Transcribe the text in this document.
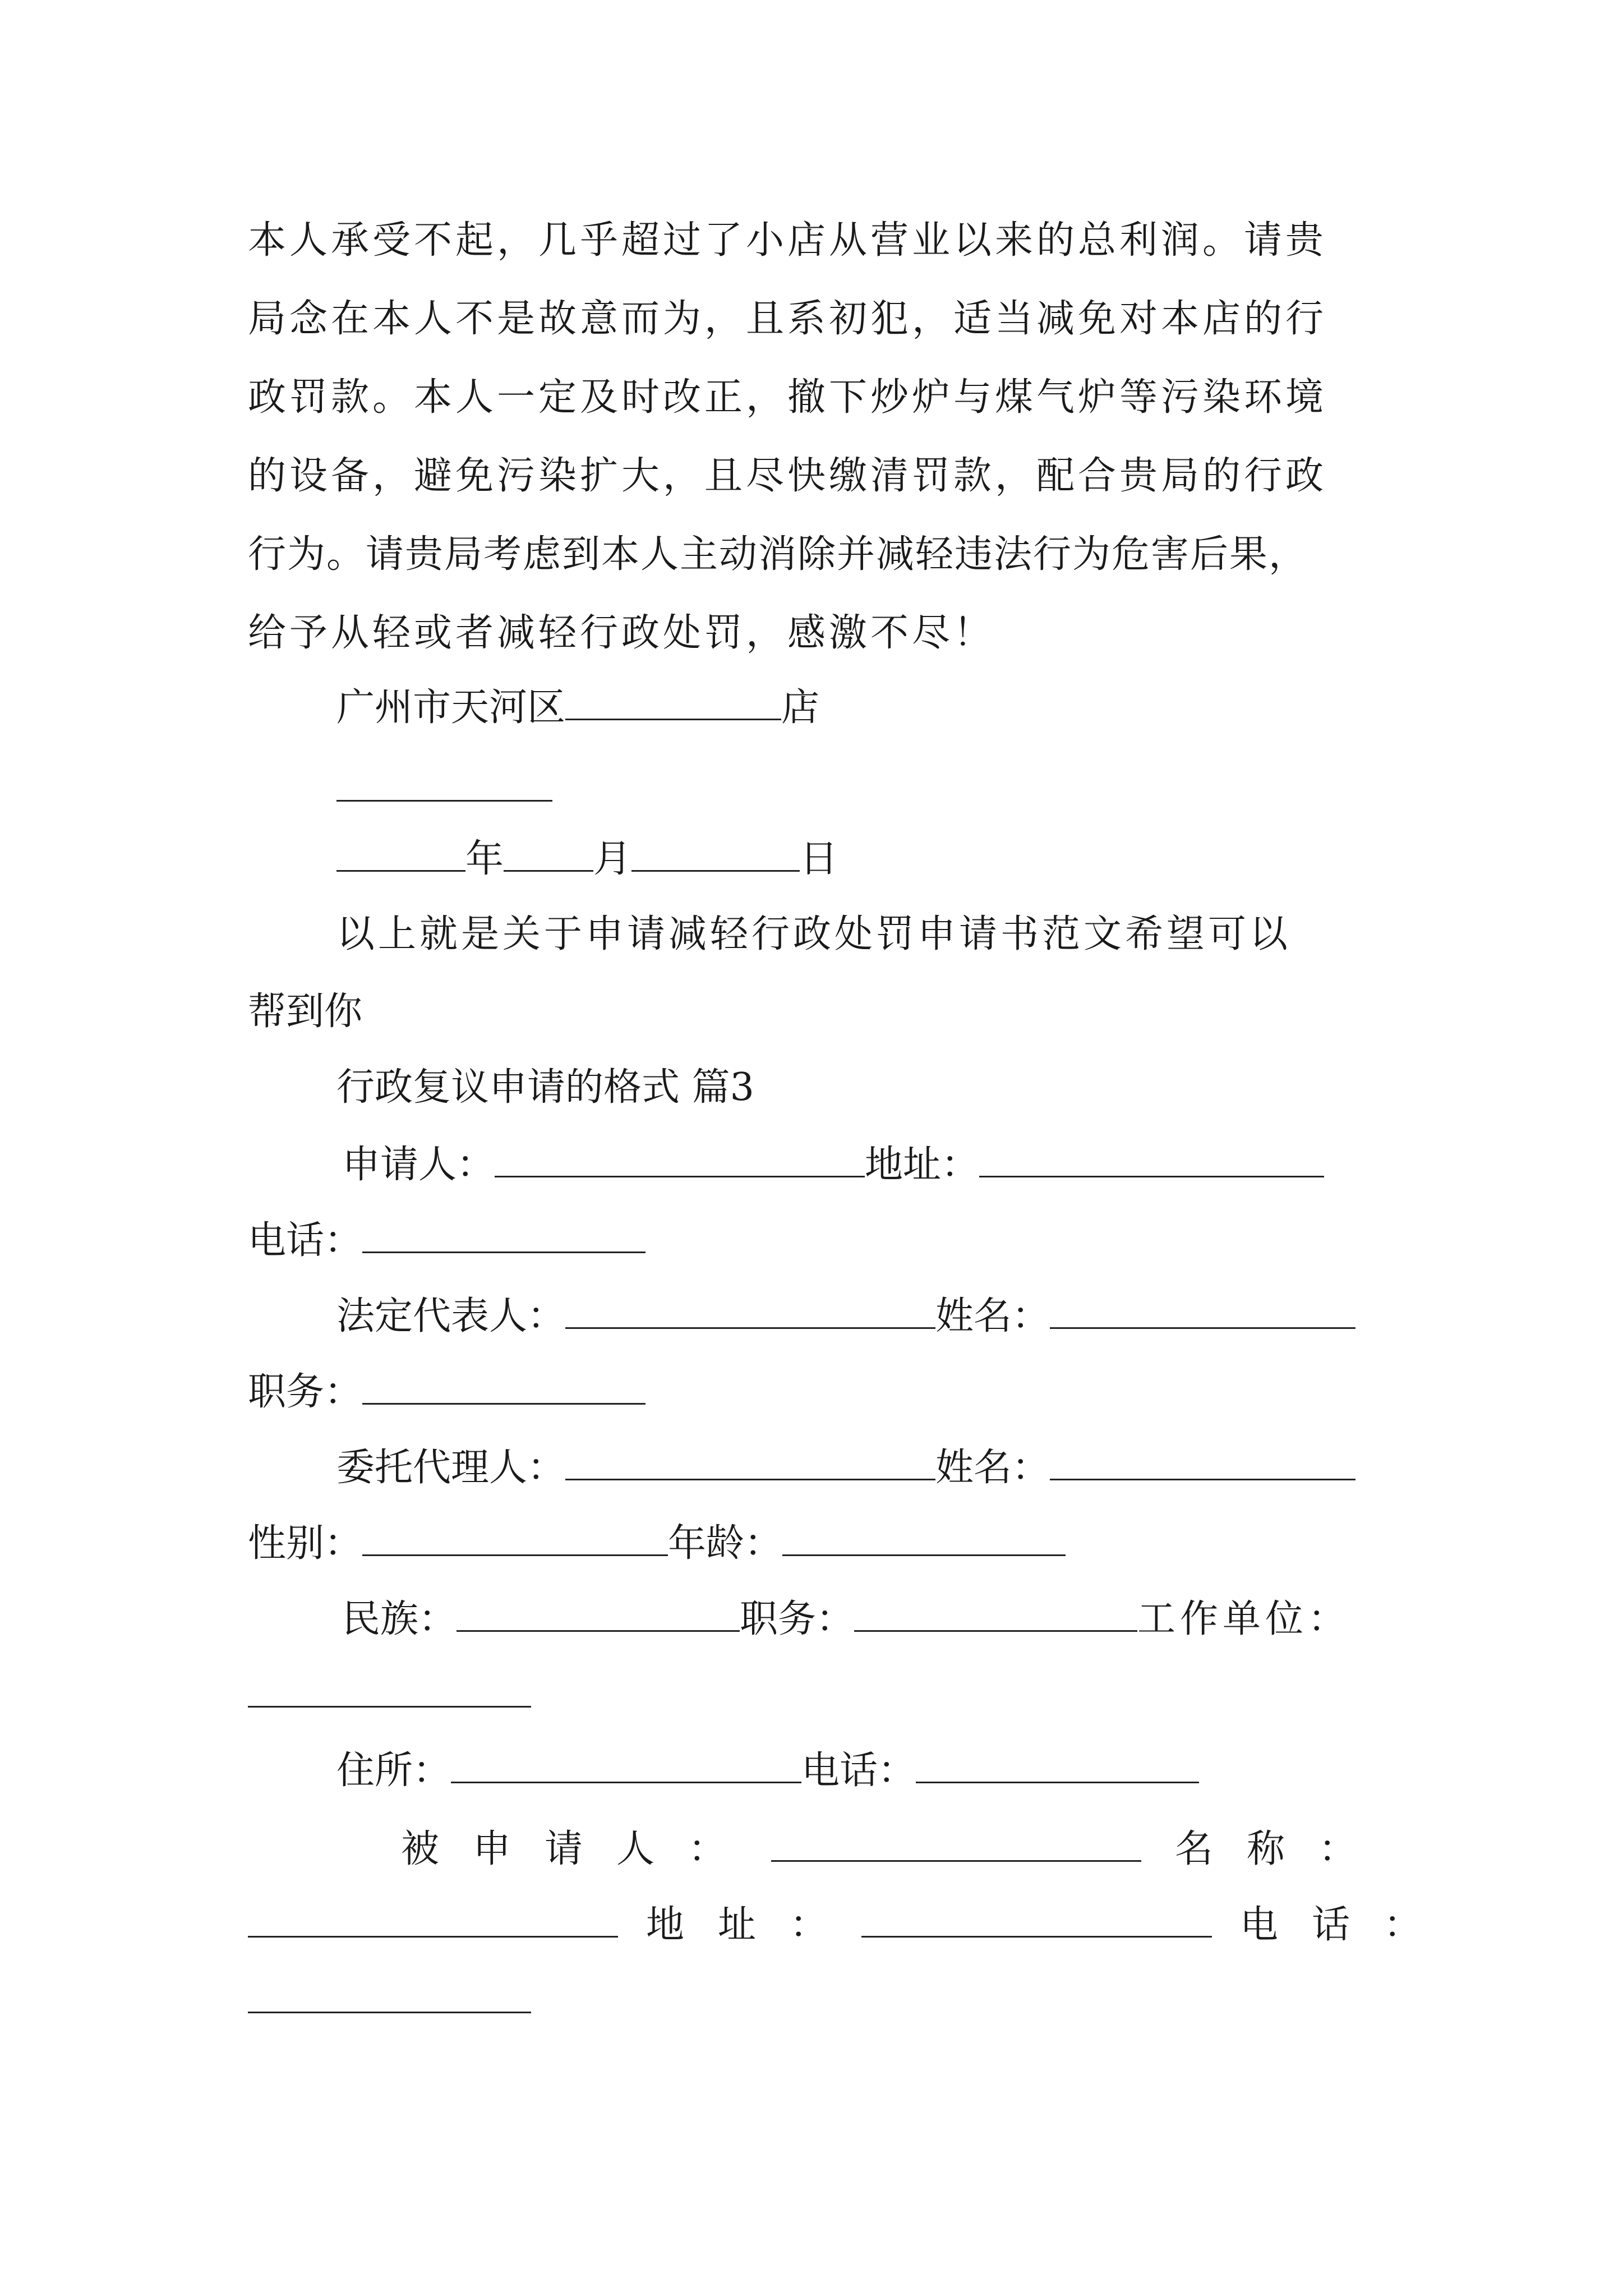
本人承受不起，几乎超过了小店从营业以来的总利润。请贵
局念在本人不是故意而为，且系初犯，适当减免对本店的行
政罚款。本人一定及时改正，撤下炒炉与煤气炉等污染环境
的设备，避免污染扩大，且尽快缴清罚款，配合贵局的行政
行为。请贵局考虑到本人主动消除并减轻违法行为危害后果，
给予从轻或者减轻行政处罚，感激不尽！
广州市天河区	店
年 月	日
以上就是关于申请减轻行政处罚申请书范文希望可以
帮到你
行政复议申请的格式 篇3
申请人：	地址：
电话：
法定代表人：	姓名：
职务：
委托代理人：	姓名：
性别：	年龄：
民族：	职务：	工作单位：
住所：	电话：
被申请人：	名称：
地址：	电话：
